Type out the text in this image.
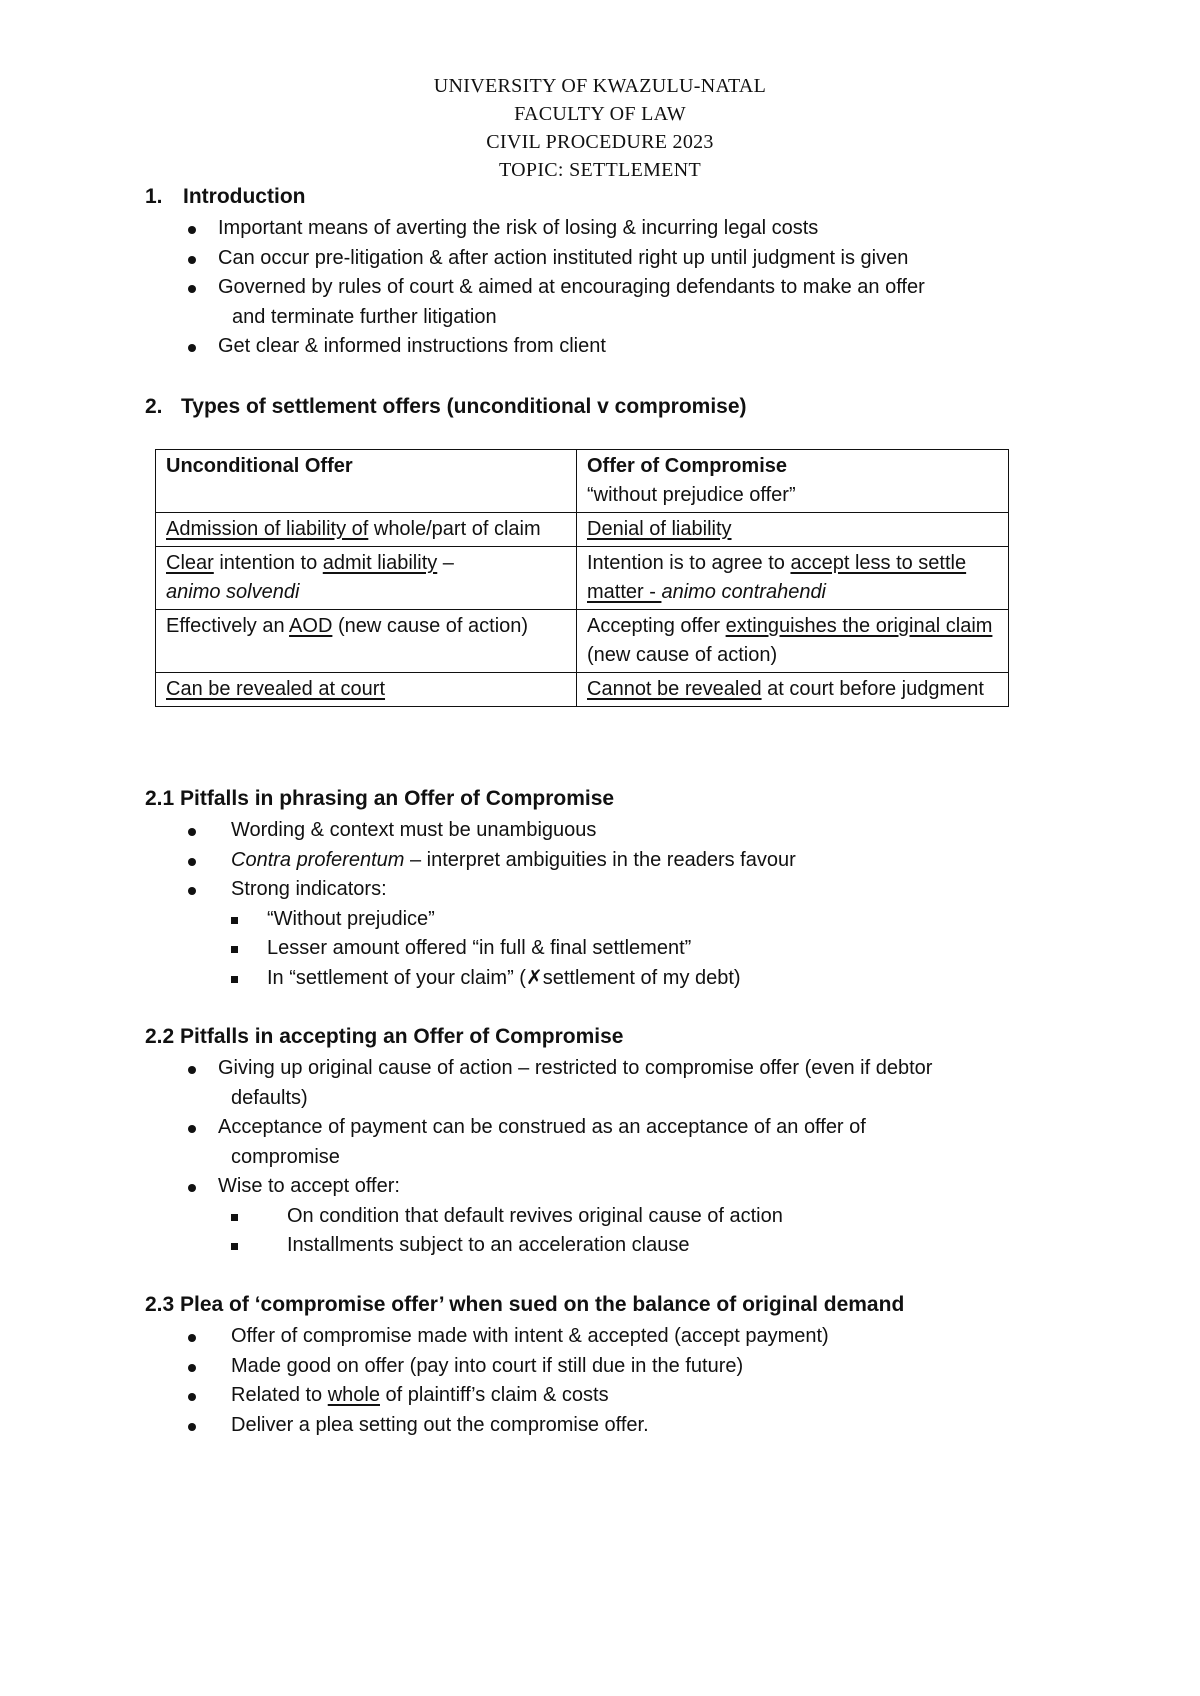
UNIVERSITY OF KWAZULU-NATAL
FACULTY OF LAW
CIVIL PROCEDURE 2023
TOPIC: SETTLEMENT
1. Introduction
Important means of averting the risk of losing & incurring legal costs
Can occur pre-litigation & after action instituted right up until judgment is given
Governed by rules of court & aimed at encouraging defendants to make an offer
and terminate further litigation
Get clear & informed instructions from client
2. Types of settlement offers (unconditional v compromise)
Unconditional Offer	Offer of Compromise
“without prejudice offer”
Admission of liability of whole/part of claim	Denial of liability
Clear intention to admit liability –
animo solvendi	Intention is to agree to accept less to settle matter - animo contrahendi
Effectively an AOD (new cause of action)	Accepting offer extinguishes the original claim (new cause of action)
Can be revealed at court	Cannot be revealed at court before judgment
2.1 Pitfalls in phrasing an Offer of Compromise
Wording & context must be unambiguous
Contra proferentum – interpret ambiguities in the readers favour
Strong indicators:
“Without prejudice”
Lesser amount offered “in full & final settlement”
In “settlement of your claim” (✗settlement of my debt)
2.2 Pitfalls in accepting an Offer of Compromise
Giving up original cause of action – restricted to compromise offer (even if debtor
defaults)
Acceptance of payment can be construed as an acceptance of an offer of
compromise
Wise to accept offer:
On condition that default revives original cause of action
Installments subject to an acceleration clause
2.3 Plea of ‘compromise offer’ when sued on the balance of original demand
Offer of compromise made with intent & accepted (accept payment)
Made good on offer (pay into court if still due in the future)
Related to whole of plaintiff’s claim & costs
Deliver a plea setting out the compromise offer.
